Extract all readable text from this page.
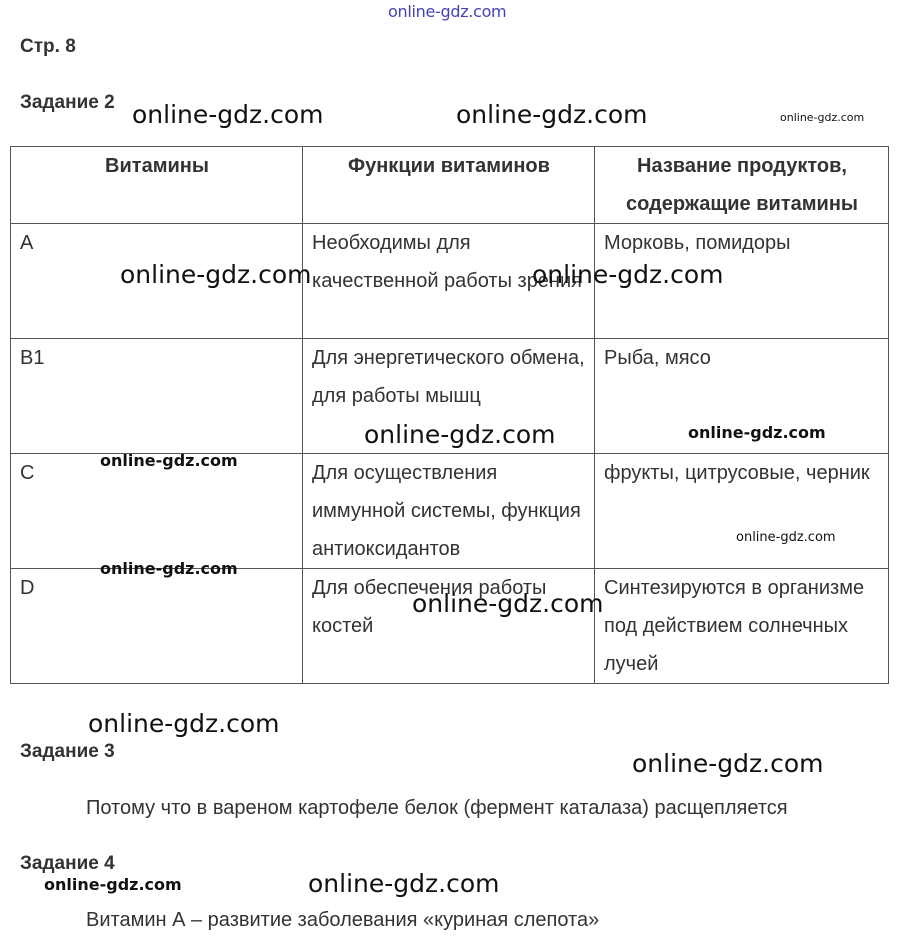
online-gdz.com
Стр. 8
Задание 2
Витамины	Функции витаминов	Название продуктов, содержащие витамины
A	Необходимы для качественной работы зрения	Морковь, помидоры
B1	Для энергетического обмена, для работы мышц	Рыба, мясо
C	Для осуществления иммунной системы, функция антиоксидантов	фрукты, цитрусовые, черник
D	Для обеспечения работы костей	Синтезируются в организме под действием солнечных лучей
Задание 3
Потому что в вареном картофеле белок (фермент каталаза) расщепляется
Задание 4
Витамин А – развитие заболевания «куриная слепота»
online-gdz.com	online-gdz.com	online-gdz.com
online-gdz.com	online-gdz.com
online-gdz.com	online-gdz.com
online-gdz.com
online-gdz.com
online-gdz.com
online-gdz.com
online-gdz.com
online-gdz.com
online-gdz.com
online-gdz.com
